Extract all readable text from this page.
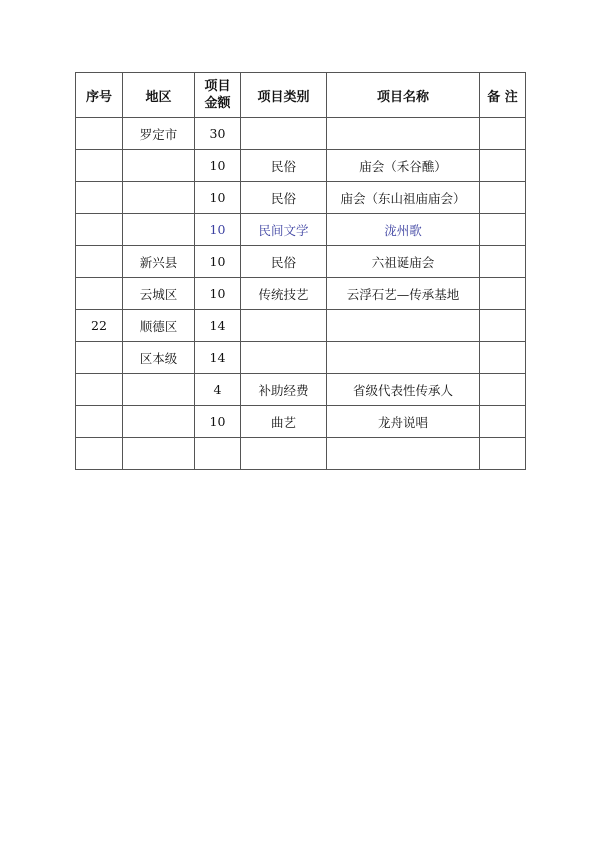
序号	地区	项目金额	项目类别	项目名称	备 注
	罗定市	30			
		10	民俗	庙会（禾谷醮）	
		10	民俗	庙会（东山祖庙庙会）	
		10	民间文学	泷州歌	
	新兴县	10	民俗	六祖诞庙会	
	云城区	10	传统技艺	云浮石艺—传承基地	
22	顺德区	14			
	区本级	14			
		4	补助经费	省级代表性传承人	
		10	曲艺	龙舟说唱	
